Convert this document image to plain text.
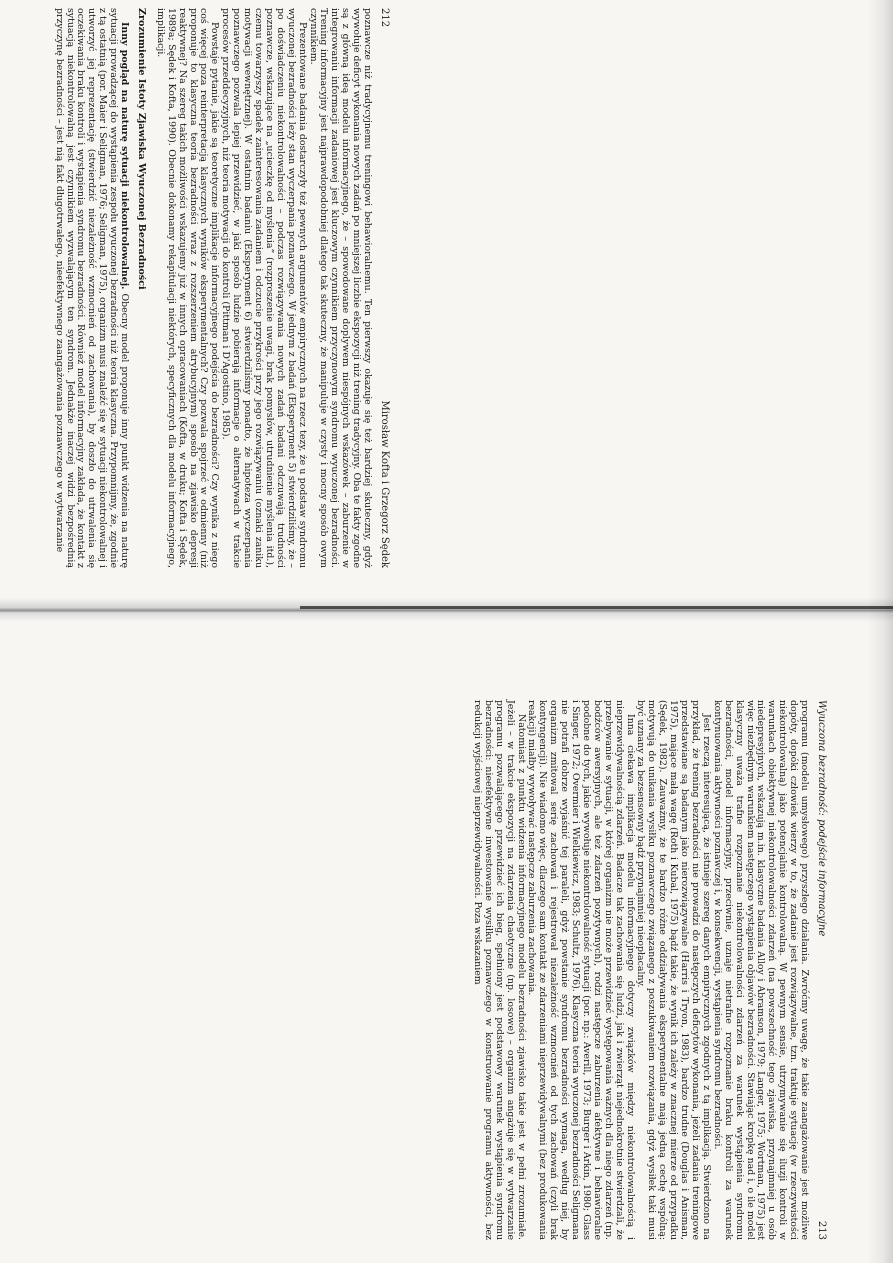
212
Mirosław Kofta i Grzegorz Sędek

poznawcze niż tradycyjnemu treningowi behawioralnemu. Ten pierwszy okazuje się też bardziej skuteczny, gdyż wywołuje deficyt wykonania nowych zadań po mniejszej liczbie ekspozycji niż trening tradycyjny. Oba te fakty zgodne są z główną ideą modelu informacyjnego, że – spowodowane doplywem niespójnych wskazówek – zaburzenie w integrowaniu informacji zadaniowej jest kluczowym czynnikiem przyczynowym syndromu wyuczonej bezradności. Trening informacyjny jest najprawdopodobniej dlatego tak skuteczny, że manipuluje w czysty i mocny sposób owym czynnikiem.

Prezentowane badania dostarczyły też pewnych argumentów empirycznych na rzecz tezy, że u podstaw syndromu wyuczonej bezradności leży stan wyczerpania poznawczego. W jednym z badań (Eksperyment 5) stwierdziliśmy, że – po doświadczeniu niekontrolowalności – podczas rozwiązywania nowych zadań badani odczuwają trudności poznawcze, wskazujące na „ucieczkę od myślenia” (rozproszenie uwagi, brak pomysłów, utrudnienie myślenia itd.), czemu towarzyszy spadek zainteresowania zadaniem i odczucie przykrości przy jego rozwiązywaniu (oznaki zaniku motywacji wewnętrznej). W ostatnim badaniu (Eksperyment 6) stwierdziliśmy ponadto, że hipoteza wyczerpania poznawczego pozwala lepiej przewidzieć, w jaki sposób ludzie pobierają informacje o alternatywach w trakcie procesów przeddecyzyjnych, niż teoria motywacji do kontroli (Pittman i D'Agostino, 1985).

Powstaje pytanie, jakie są teoretyczne implikacje informacyjnego podejścia do bezradności? Czy wynika z niego coś więcej poza reinterpretacją klasycznych wyników eksperymentalnych? Czy pozwala spojrzeć w odmienny (niż proponuje to klasyczna teoria bezradności wraz z rozszerzeniem atrybucyjnym) sposób na zjawisko depresji reaktywnej? Na szereg takich możliwości wskazujemy już w innych opracowaniach (Kofta, w druku; Kofta i Sędek, 1989a; Sędek i Kofta, 1990). Obecnie dokonamy rekapitulacji niektórych, specyficznych dla modelu informacyjnego, implikacji.

Zrozumienie Istoty Zjawiska Wyuczonej Bezradności

Inny pogląd na naturę sytuacji niekontrolowalnej. Obecny model proponuje inny punkt widzenia na naturę sytuacji prowadzącej do wystąpienia zespołu wyuczonej bezradności niż teoria klasyczna. Przypomnijmy, że, zgodnie z tą ostatnią (por. Maier i Seligman, 1976; Seligman, 1975), organizm musi znaleźć się w sytuacji niekontrolowalnej i utworzyć jej reprezentację (stwierdzić niezależność wzmocnień od zachowania), by doszło do utrwalenia się oczekiwania braku kontroli i wystąpienia syndromu bezradności. Również model informacyjny zakłada, że kontakt z sytuacją niekontrolowalną jest czynnikiem wyzwalającym ten syndrom. Jednakże inaczej widzi bezpośrednią przyczynę bezradności – jest nią fakt długotrwałego, nieefektywnego zaangażowania poznawczego w wytwarzanie

Wyuczona bezradność: podejście informacyjne
213

programu (modelu umysłowego) przyszłego działania. Zwróćmy uwagę, że takie zaangażowanie jest możliwe dopóty, dopóki człowiek wierzy w to, że zadanie jest rozwiązywalne, tzn. traktuje sytuację (w rzeczywistości niekontrolowalną) jako potencjalnie kontrolowalną. W pewnym sensie, utrzymywanie się iluzji kontroli w warunkach obiektywnej niekontrolowalności zdarzeń (na powszechność tego zjawiska, przynajmniej u osób niedepresyjnych, wskazują m.in. klasyczne badania Alloy i Abramson, 1979; Langer, 1975; Wortman, 1975) jest więc niezbędnym warunkiem następczego wystąpienia objawów bezradności. Stawiając kropkę nad i, o ile model klasyczny uważa trafne rozpoznanie niekontrolowalności zdarzeń za warunek wystąpienia syndromu bezradności, model informacyjny, przeciwnie, uznaje nietrafne rozpoznanie braku kontroli za warunek kontynuowania aktywności poznawczej i, w konsekwencji, wystąpienia syndromu bezradności.

Jest rzeczą interesującą, że istnieje szereg danych empirycznych zgodnych z tą implikacją. Stwierdzono na przykład, że trening bezradności nie prowadzi do następczych deficytów wykonania, jeżeli zadania treningowe przedstawiane są badanym jako nierozwiązywalne (Harris i Tryon, 1983), bardzo trudne (Douglas i Anisman, 1975), mające małą wagę (Roth i Kubal, 1975) bądź takie, że wynik ich zależy w znacznej mierze od przypadku (Sędek, 1982). Zauważmy, że te bardzo różne oddziaływania eksperymentalne mają jedną cechę wspólną: motywują do unikania wysiłku poznawczego związanego z poszukiwaniem rozwiązania, gdyż wysiłek taki musi być uznany za bezsensowny bądź przynajmniej nieopłacalny.

Inna ciekawa implikacja modelu informacyjnego dotyczy związków między niekontrolowalnością i nieprzewidywalnością zdarzeń. Badacze tak zachowania się ludzi, jak i zwierząt niejednokrotnie stwierdzali, że przebywanie w sytuacji, w której organizm nie może przewidzieć występowania ważnych dla niego zdarzeń (np. bodźców awersyjnych, ale też zdarzeń pozytywnych), rodzi następcze zaburzenia afektywne i behawioralne podobne do tych, jakie wywołuje niekontrolowalność sytuacji (por. np.: Averill, 1973; Burger i Arkin, 1980; Glass i Singer, 1972; Overmier i Wielkiewicz, 1983; Schultz, 1976). Klasyczna teoria wyuczonej bezradności Seligmana nie potrafi dobrze wyjaśnić tej paraleli, gdyż powstanie syndromu bezradności wymaga, według niej, by organizm zmitowal serię zachowań i rejestrował niezależność wzmocnień od tych zachowań (czyli brak kontyngencji). Nie wiadomo więc, dlaczego sam kontakt ze zdarzeniami nieprzewidywalnymi (bez produkowania reakcji) miałby wywoływać następcze zaburzenia zachowania.

Natomiast z punktu widzenia informacyjnego modelu bezradności zjawisko takie jest w pełni zrozumiałe. Jeżeli – w trakcie ekspozycji na zdarzenia chaotyczne (np. losowe) – organizm angażuje się w wytwarzanie programu pozwalającego przewidzieć ich bieg, spełniony jest podstawowy warunek wystąpienia syndromu bezradności: nieefektywne inwestowanie wysiłku poznawczego w konstruowanie programu aktywności, bez redukcji wyjściowej nieprzewidywalności. Poza wskazaniem
